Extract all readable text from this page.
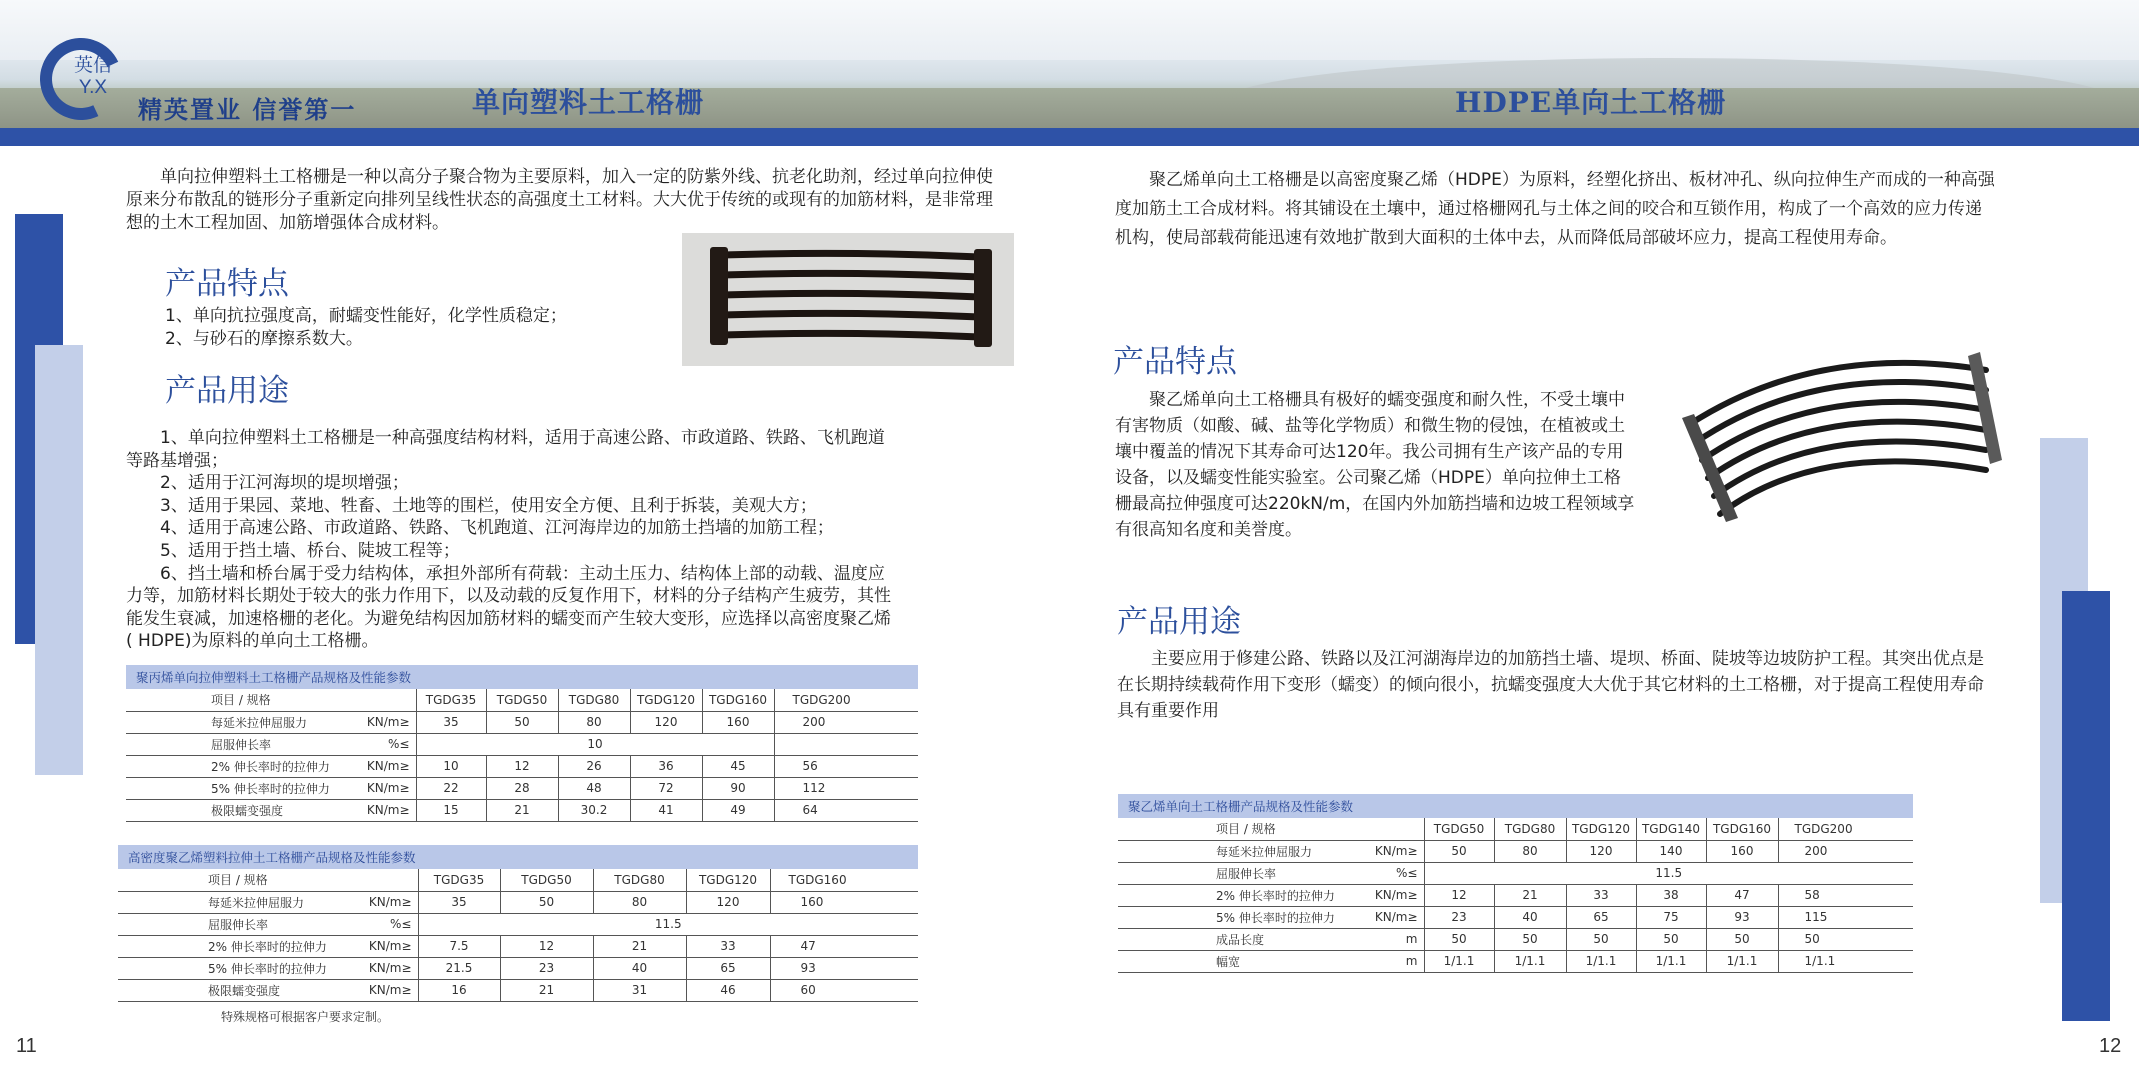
英信
Y.X
精英置业 信誉第一	单向塑料土工格栅	HDPE单向土工格栅

单向拉伸塑料土工格栅是一种以高分子聚合物为主要原料，加入一定的防紫外线、抗老化助剂，经过单向拉伸使原来分布散乱的链形分子重新定向排列呈线性状态的高强度土工材料。大大优于传统的或现有的加筋材料，是非常理想的土木工程加固、加筋增强体合成材料。

产品特点
1、单向抗拉强度高，耐蠕变性能好，化学性质稳定；
2、与砂石的摩擦系数大。
产品用途
1、单向拉伸塑料土工格栅是一种高强度结构材料，适用于高速公路、市政道路、铁路、飞机跑道
等路基增强；
2、适用于江河海坝的堤坝增强；
3、适用于果园、菜地、牲畜、土地等的围栏，使用安全方便、且利于拆装，美观大方；
4、适用于高速公路、市政道路、铁路、飞机跑道、江河海岸边的加筋土挡墙的加筋工程；
5、适用于挡土墙、桥台、陡坡工程等；
6、挡土墙和桥台属于受力结构体，承担外部所有荷载：主动土压力、结构体上部的动载、温度应
力等，加筋材料长期处于较大的张力作用下，以及动载的反复作用下，材料的分子结构产生疲劳，其性
能发生衰减，加速格栅的老化。为避免结构因加筋材料的蠕变而产生较大变形，应选择以高密度聚乙烯
( HDPE)为原料的单向土工格栅。
聚丙烯单向拉伸塑料土工格栅产品规格及性能参数								
	项目 / 规格		TGDG35	TGDG50	TGDG80	TGDG120	TGDG160	TGDG200
	每延米拉伸屈服力	KN/m≥	35	50	80	120	160	200
	屈服伸长率	%≤	10					
	2% 伸长率时的拉伸力	KN/m≥	10	12	26	36	45	56
	5% 伸长率时的拉伸力	KN/m≥	22	28	48	72	90	112
	极限蠕变强度	KN/m≥	15	21	30.2	41	49	64
高密度聚乙烯塑料拉伸土工格栅产品规格及性能参数							
	项目 / 规格		TGDG35	TGDG50	TGDG80	TGDG120	TGDG160
	每延米拉伸屈服力	KN/m≥	35	50	80	120	160
	屈服伸长率	%≤	11.5				
	2% 伸长率时的拉伸力	KN/m≥	7.5	12	21	33	47
	5% 伸长率时的拉伸力	KN/m≥	21.5	23	40	65	93
	极限蠕变强度	KN/m≥	16	21	31	46	60
特殊规格可根据客户要求定制。
11

聚乙烯单向土工格栅是以高密度聚乙烯（HDPE）为原料，经塑化挤出、板材冲孔、纵向拉伸生产而成的一种高强度加筋土工合成材料。将其铺设在土壤中，通过格栅网孔与土体之间的咬合和互锁作用，构成了一个高效的应力传递机构，使局部载荷能迅速有效地扩散到大面积的土体中去，从而降低局部破坏应力，提高工程使用寿命。

产品特点

聚乙烯单向土工格栅具有极好的蠕变强度和耐久性，不受土壤中有害物质（如酸、碱、盐等化学物质）和微生物的侵蚀，在植被或土壤中覆盖的情况下其寿命可达120年。我公司拥有生产该产品的专用设备，以及蠕变性能实验室。公司聚乙烯（HDPE）单向拉伸土工格栅最高拉伸强度可达220kN/m，在国内外加筋挡墙和边坡工程领域享有很高知名度和美誉度。

产品用途

主要应用于修建公路、铁路以及江河湖海岸边的加筋挡土墙、堤坝、桥面、陡坡等边坡防护工程。其突出优点是在长期持续载荷作用下变形（蠕变）的倾向很小，抗蠕变强度大大优于其它材料的土工格栅，对于提高工程使用寿命具有重要作用

聚乙烯单向土工格栅产品规格及性能参数								
	项目 / 规格		TGDG50	TGDG80	TGDG120	TGDG140	TGDG160	TGDG200
	每延米拉伸屈服力	KN/m≥	50	80	120	140	160	200
	屈服伸长率	%≤	11.5					
	2% 伸长率时的拉伸力	KN/m≥	12	21	33	38	47	58
	5% 伸长率时的拉伸力	KN/m≥	23	40	65	75	93	115
	成品长度	m	50	50	50	50	50	50
	幅宽	m	1/1.1	1/1.1	1/1.1	1/1.1	1/1.1	1/1.1
12
